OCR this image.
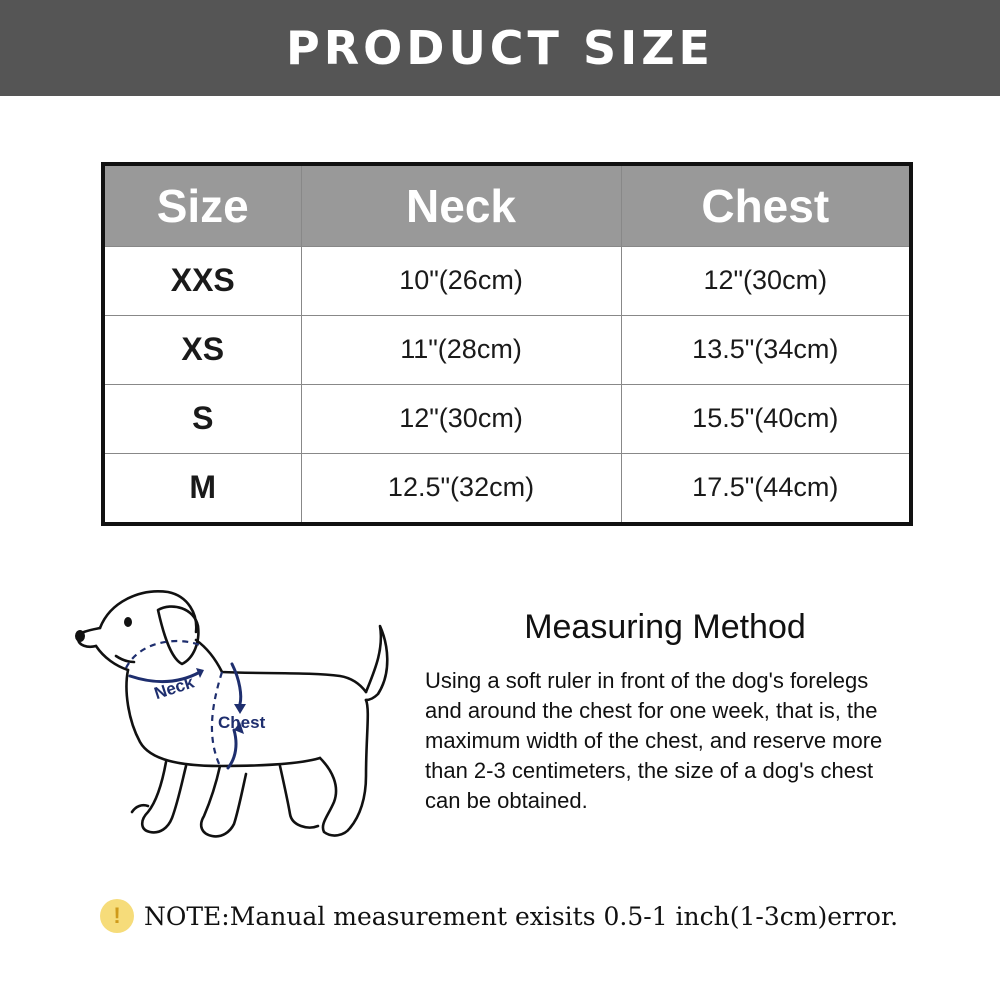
PRODUCT SIZE
Size	Neck	Chest
XXS	10"(26cm)	12"(30cm)
XS	11"(28cm)	13.5"(34cm)
S	12"(30cm)	15.5"(40cm)
M	12.5"(32cm)	17.5"(44cm)
Neck
Chest
Measuring Method
Using a soft ruler in front of the dog's forelegs
and around the chest for one week, that is, the
maximum width of the chest, and reserve more
than 2-3 centimeters, the size of a dog's chest
can be obtained.
! NOTE:Manual measurement exisits 0.5-1 inch(1-3cm)error.
